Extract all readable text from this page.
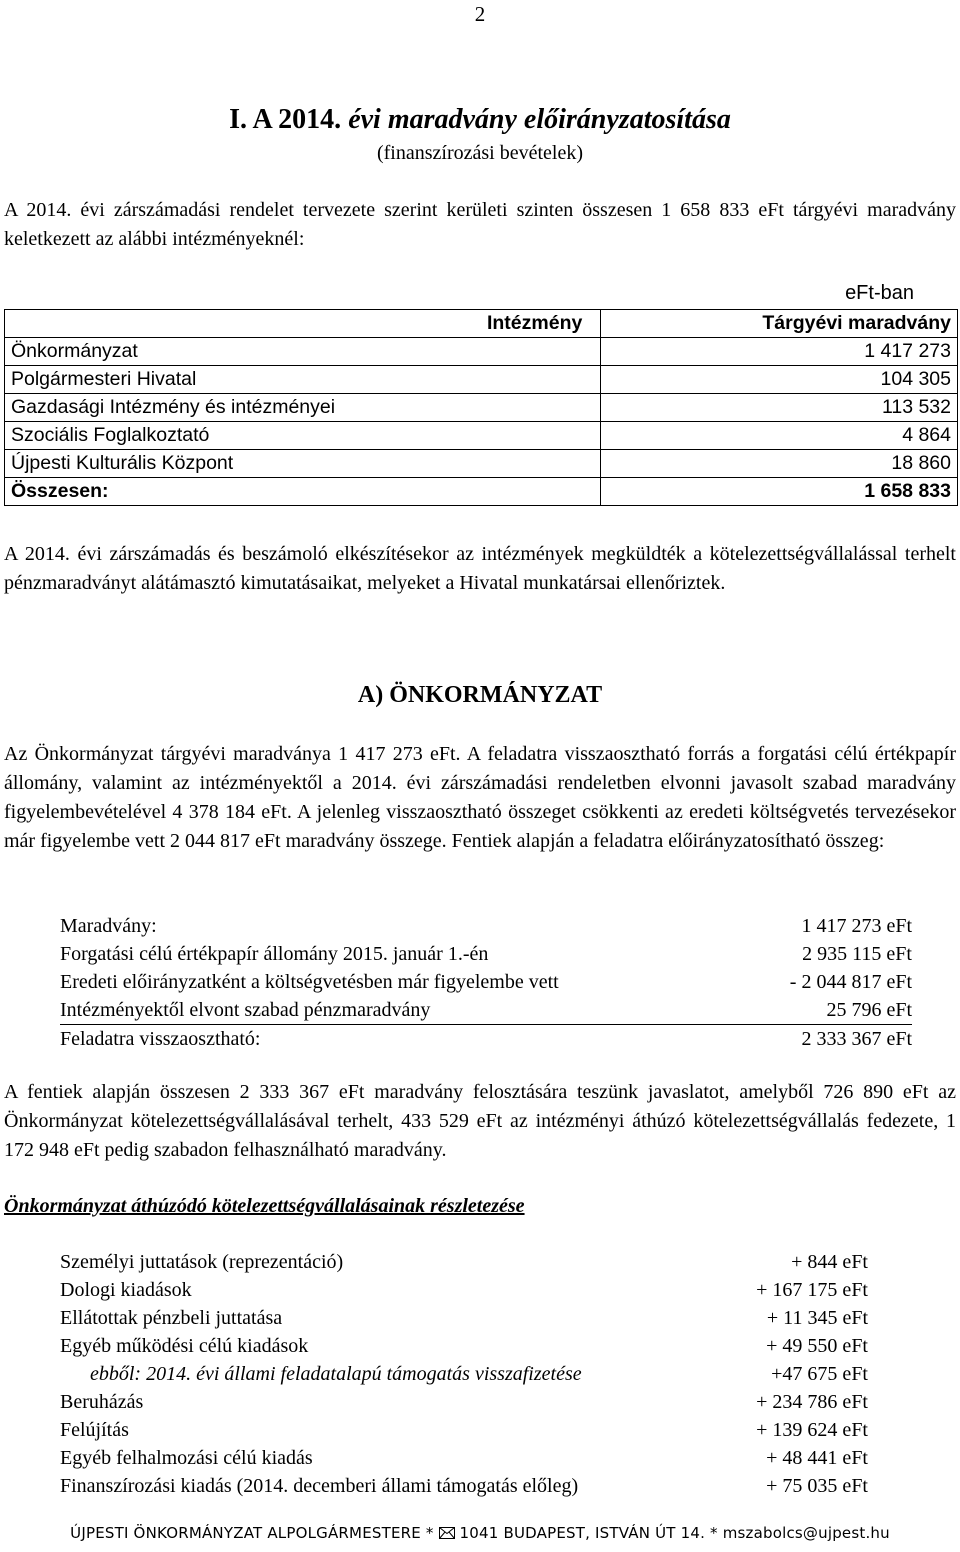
2
I. A 2014. évi maradvány előirányzatosítása
(finanszírozási bevételek)
A 2014. évi zárszámadási rendelet tervezete szerint kerületi szinten összesen 1 658 833 eFt tárgyévi maradvány keletkezett az alábbi intézményeknél:
eFt-ban
Intézmény	Tárgyévi maradvány
Önkormányzat	1 417 273
Polgármesteri Hivatal	104 305
Gazdasági Intézmény és intézményei	113 532
Szociális Foglalkoztató	4 864
Újpesti Kulturális Központ	18 860
Összesen:	1 658 833
A 2014. évi zárszámadás és beszámoló elkészítésekor az intézmények megküldték a kötelezettségvállalással terhelt pénzmaradványt alátámasztó kimutatásaikat, melyeket a Hivatal munkatársai ellenőriztek.
A) ÖNKORMÁNYZAT
Az Önkormányzat tárgyévi maradványa 1 417 273 eFt. A feladatra visszaosztható forrás a forgatási célú értékpapír állomány, valamint az intézményektől a 2014. évi zárszámadási rendeletben elvonni javasolt szabad maradvány figyelembevételével 4 378 184 eFt. A jelenleg visszaosztható összeget csökkenti az eredeti költségvetés tervezésekor már figyelembe vett 2 044 817 eFt maradvány összege. Fentiek alapján a feladatra előirányzatosítható összeg:
Maradvány:	1 417 273 eFt
Forgatási célú értékpapír állomány 2015. január 1.-én	2 935 115 eFt
Eredeti előirányzatként a költségvetésben már figyelembe vett	- 2 044 817 eFt
Intézményektől elvont szabad pénzmaradvány	25 796 eFt
Feladatra visszaosztható:	2 333 367 eFt
A fentiek alapján összesen 2 333 367 eFt maradvány felosztására teszünk javaslatot, amelyből 726 890 eFt az Önkormányzat kötelezettségvállalásával terhelt, 433 529 eFt az intézményi áthúzó kötelezettségvállalás fedezete, 1 172 948 eFt pedig szabadon felhasználható maradvány.
Önkormányzat áthúzódó kötelezettségvállalásainak részletezése
Személyi juttatások (reprezentáció)	+ 844 eFt
Dologi kiadások	+ 167 175 eFt
Ellátottak pénzbeli juttatása	+ 11 345 eFt
Egyéb működési célú kiadások	+ 49 550 eFt
ebből: 2014. évi állami feladatalapú támogatás visszafizetése	+47 675 eFt
Beruházás	+ 234 786 eFt
Felújítás	+ 139 624 eFt
Egyéb felhalmozási célú kiadás	+ 48 441 eFt
Finanszírozási kiadás (2014. decemberi állami támogatás előleg)	+ 75 035 eFt
ÚJPESTI ÖNKORMÁNYZAT ALPOLGÁRMESTERE * 1041 BUDAPEST, ISTVÁN ÚT 14. * mszabolcs@ujpest.hu
